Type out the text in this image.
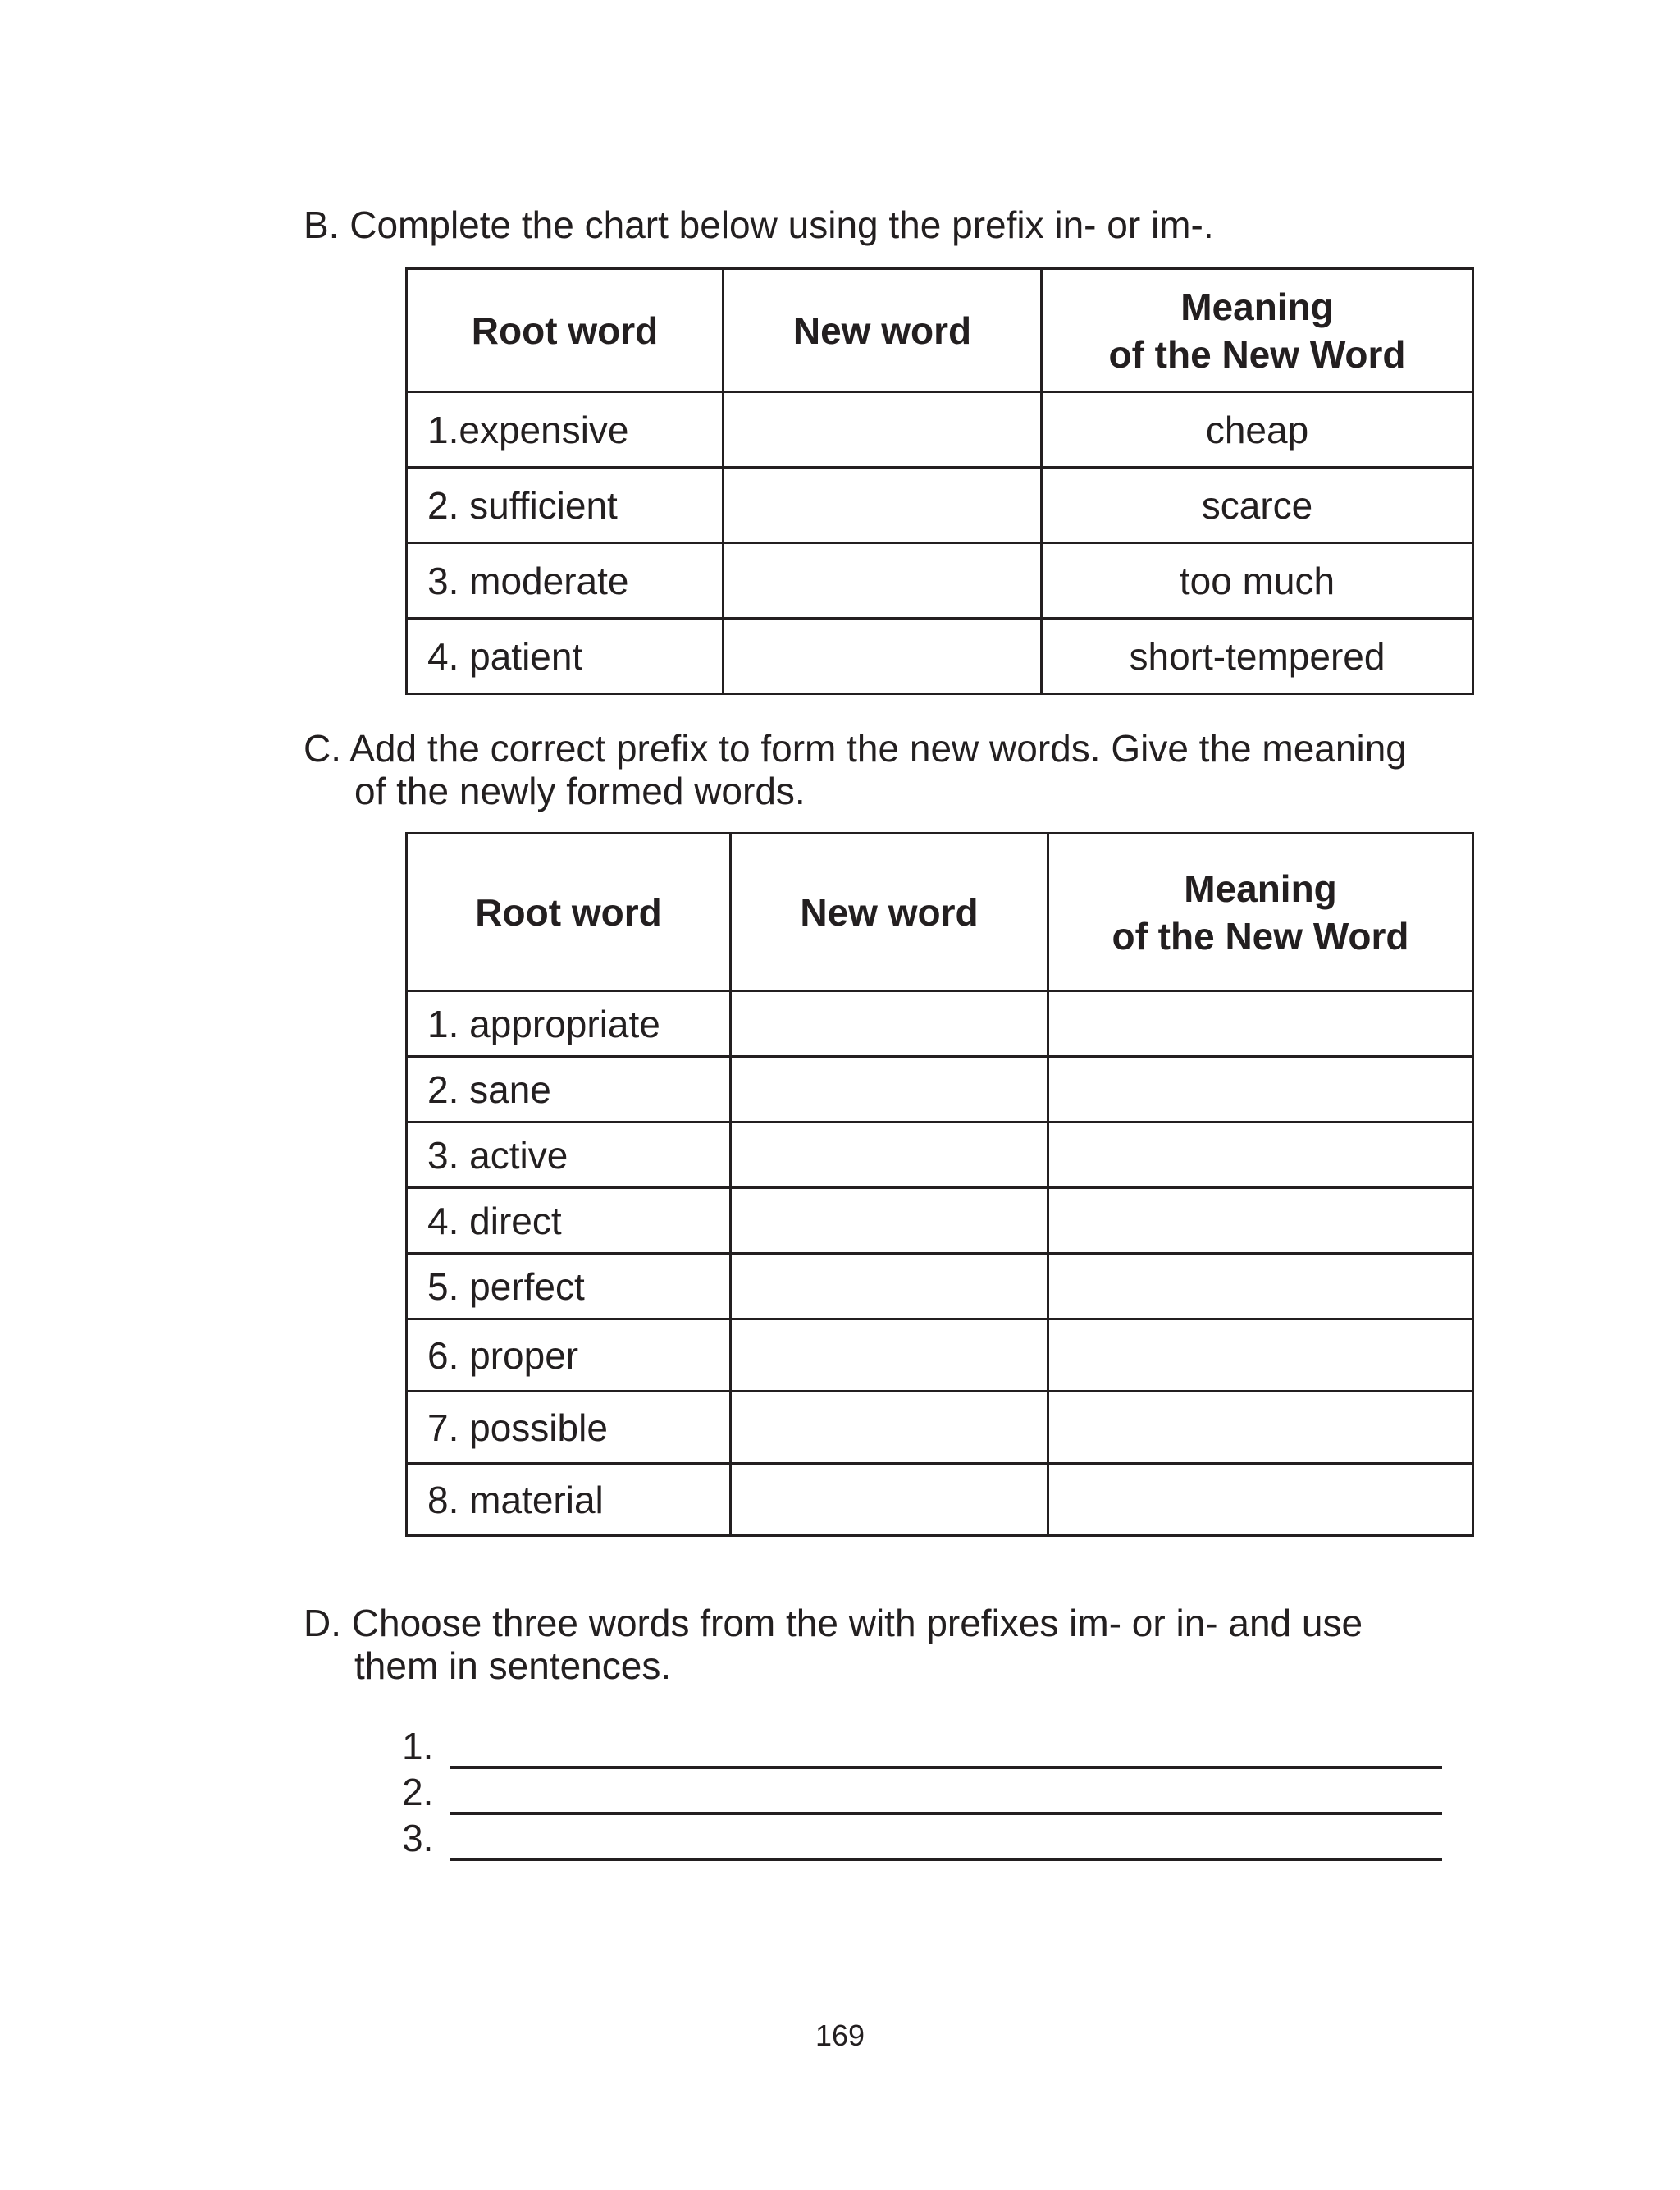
B. Complete the chart below using the prefix in- or im-.

Root word	New word	Meaning
of the New Word

1.expensive		cheap
2. sufficient		scarce
3. moderate		too much
4. patient		short-tempered
C. Add the correct prefix to form the new words. Give the meaning
of the newly formed words.
Root word	New word	Meaning
of the New Word

1. appropriate		
2. sane		
3. active		
4. direct		
5. perfect		
6. proper		
7. possible		
8. material		
D. Choose three words from the with prefixes im- or in- and use
them in sentences.
1.
2.
3.
169
